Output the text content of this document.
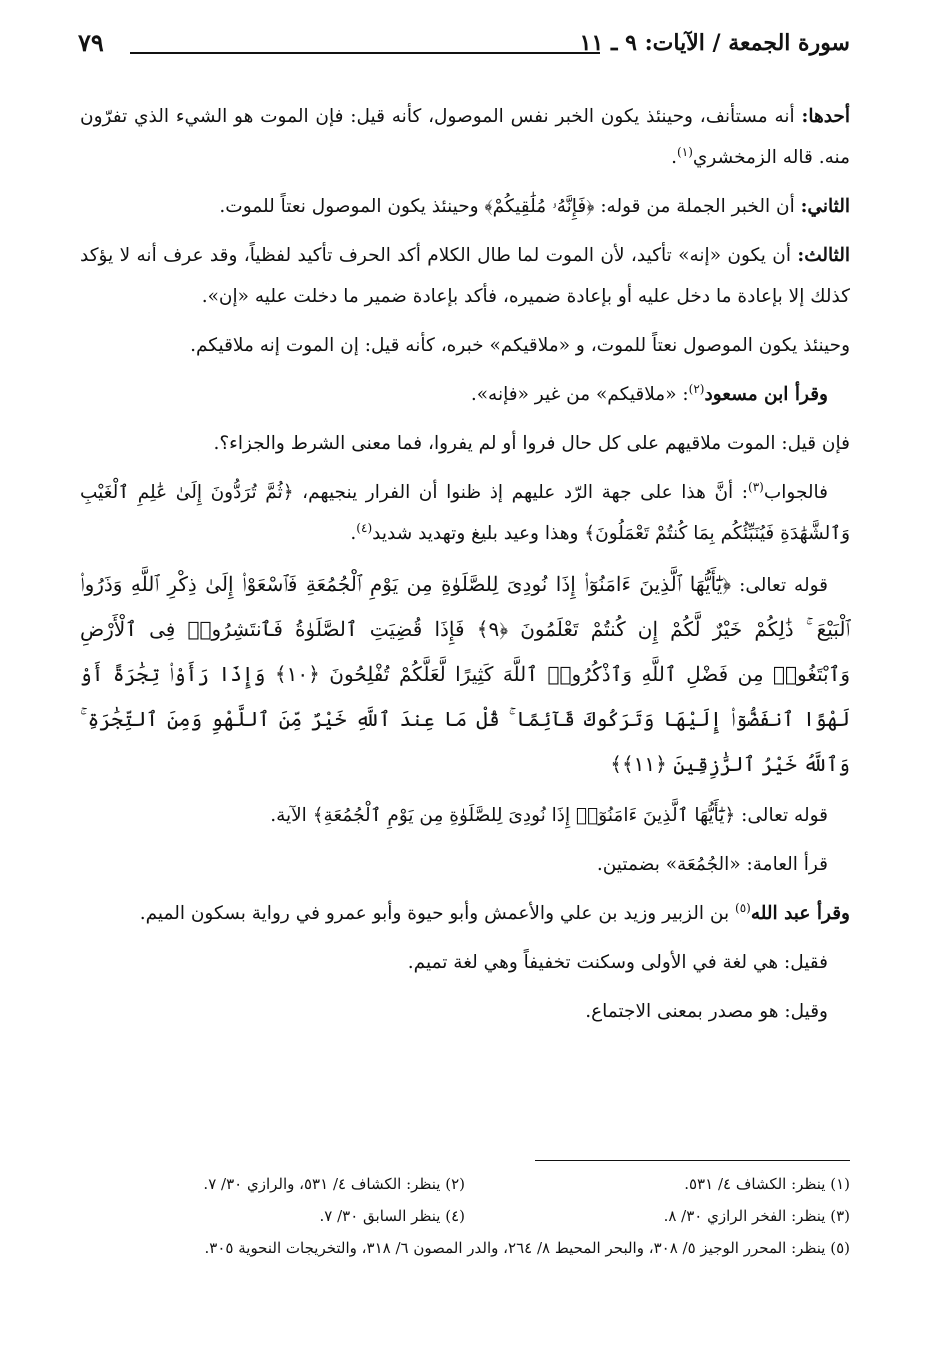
سورة الجمعة / الآيات: ٩ ـ ١١
٧٩

أحدها: أنه مستأنف، وحينئذ يكون الخبر نفس الموصول، كأنه قيل: فإن الموت هو الشيء الذي تفرّون منه. قاله الزمخشري$^{(١)}$.

الثاني: أن الخبر الجملة من قوله: ﴿فَإِنَّهُۥ مُلَٰقِيكُمْ﴾ وحينئذ يكون الموصول نعتاً للموت.

الثالث: أن يكون «إنه» تأكيد، لأن الموت لما طال الكلام أكد الحرف تأكيد لفظياً، وقد عرف أنه لا يؤكد كذلك إلا بإعادة ما دخل عليه أو بإعادة ضميره، فأكد بإعادة ضمير ما دخلت عليه «إن».

وحينئذ يكون الموصول نعتاً للموت، و «ملاقيكم» خبره، كأنه قيل: إن الموت إنه ملاقيكم.

وقرأ ابن مسعود$^{(٢)}$: «ملاقيكم» من غير «فإنه».

فإن قيل: الموت ملاقيهم على كل حال فروا أو لم يفروا، فما معنى الشرط والجزاء؟.

فالجواب$^{(٣)}$: أنَّ هذا على جهة الرّد عليهم إذ ظنوا أن الفرار ينجيهم، ﴿ثُمَّ تُرَدُّونَ إِلَىٰ عَٰلِمِ ٱلْغَيْبِ وَٱلشَّهَٰدَةِ فَيُنَبِّئُكُم بِمَا كُنتُمْ تَعْمَلُونَ﴾ وهذا وعيد بليغ وتهديد شديد$^{(٤)}$.

قوله تعالى: ﴿يَٰٓأَيُّهَا ٱلَّذِينَ ءَامَنُوٓا۟ إِذَا نُودِىَ لِلصَّلَوٰةِ مِن يَوْمِ ٱلْجُمُعَةِ فَٱسْعَوْا۟ إِلَىٰ ذِكْرِ ٱللَّهِ وَذَرُوا۟ ٱلْبَيْعَ ۚ ذَٰلِكُمْ خَيْرٌ لَّكُمْ إِن كُنتُمْ تَعْلَمُونَ ﴿٩﴾ فَإِذَا قُضِيَتِ ٱلصَّلَوٰةُ فَٱنتَشِرُوا۟ فِى ٱلْأَرْضِ وَٱبْتَغُوا۟ مِن فَضْلِ ٱللَّهِ وَٱذْكُرُوا۟ ٱللَّهَ كَثِيرًا لَّعَلَّكُمْ تُفْلِحُونَ ﴿١٠﴾ وَإِذَا رَأَوْا۟ تِجَٰرَةً أَوْ لَهْوًا ٱنفَضُّوٓا۟ إِلَيْهَا وَتَرَكُوكَ قَآئِمًا ۚ قُلْ مَا عِندَ ٱللَّهِ خَيْرٌ مِّنَ ٱللَّهْوِ وَمِنَ ٱلتِّجَٰرَةِ ۚ وَٱللَّهُ خَيْرُ ٱلرَّٰزِقِينَ ﴿١١﴾﴾

قوله تعالى: ﴿يَٰٓأَيُّهَا ٱلَّذِينَ ءَامَنُوٓا۟ إِذَا نُودِىَ لِلصَّلَوٰةِ مِن يَوْمِ ٱلْجُمُعَةِ﴾ الآية.

قرأ العامة: «الجُمُعَة» بضمتين.

وقرأ عبد الله$^{(٥)}$ بن الزبير وزيد بن علي والأعمش وأبو حيوة وأبو عمرو في رواية بسكون الميم.

فقيل: هي لغة في الأولى وسكنت تخفيفاً وهي لغة تميم.

وقيل: هو مصدر بمعنى الاجتماع.

(١) ينظر: الكشاف ٤/ ٥٣١.
(٢) ينظر: الكشاف ٤/ ٥٣١، والرازي ٣٠/ ٧.
(٣) ينظر: الفخر الرازي ٣٠/ ٨.
(٤) ينظر السابق ٣٠/ ٧.
(٥) ينظر: المحرر الوجيز ٥/ ٣٠٨، والبحر المحيط ٨/ ٢٦٤، والدر المصون ٦/ ٣١٨، والتخريجات النحوية ٣٠٥.
